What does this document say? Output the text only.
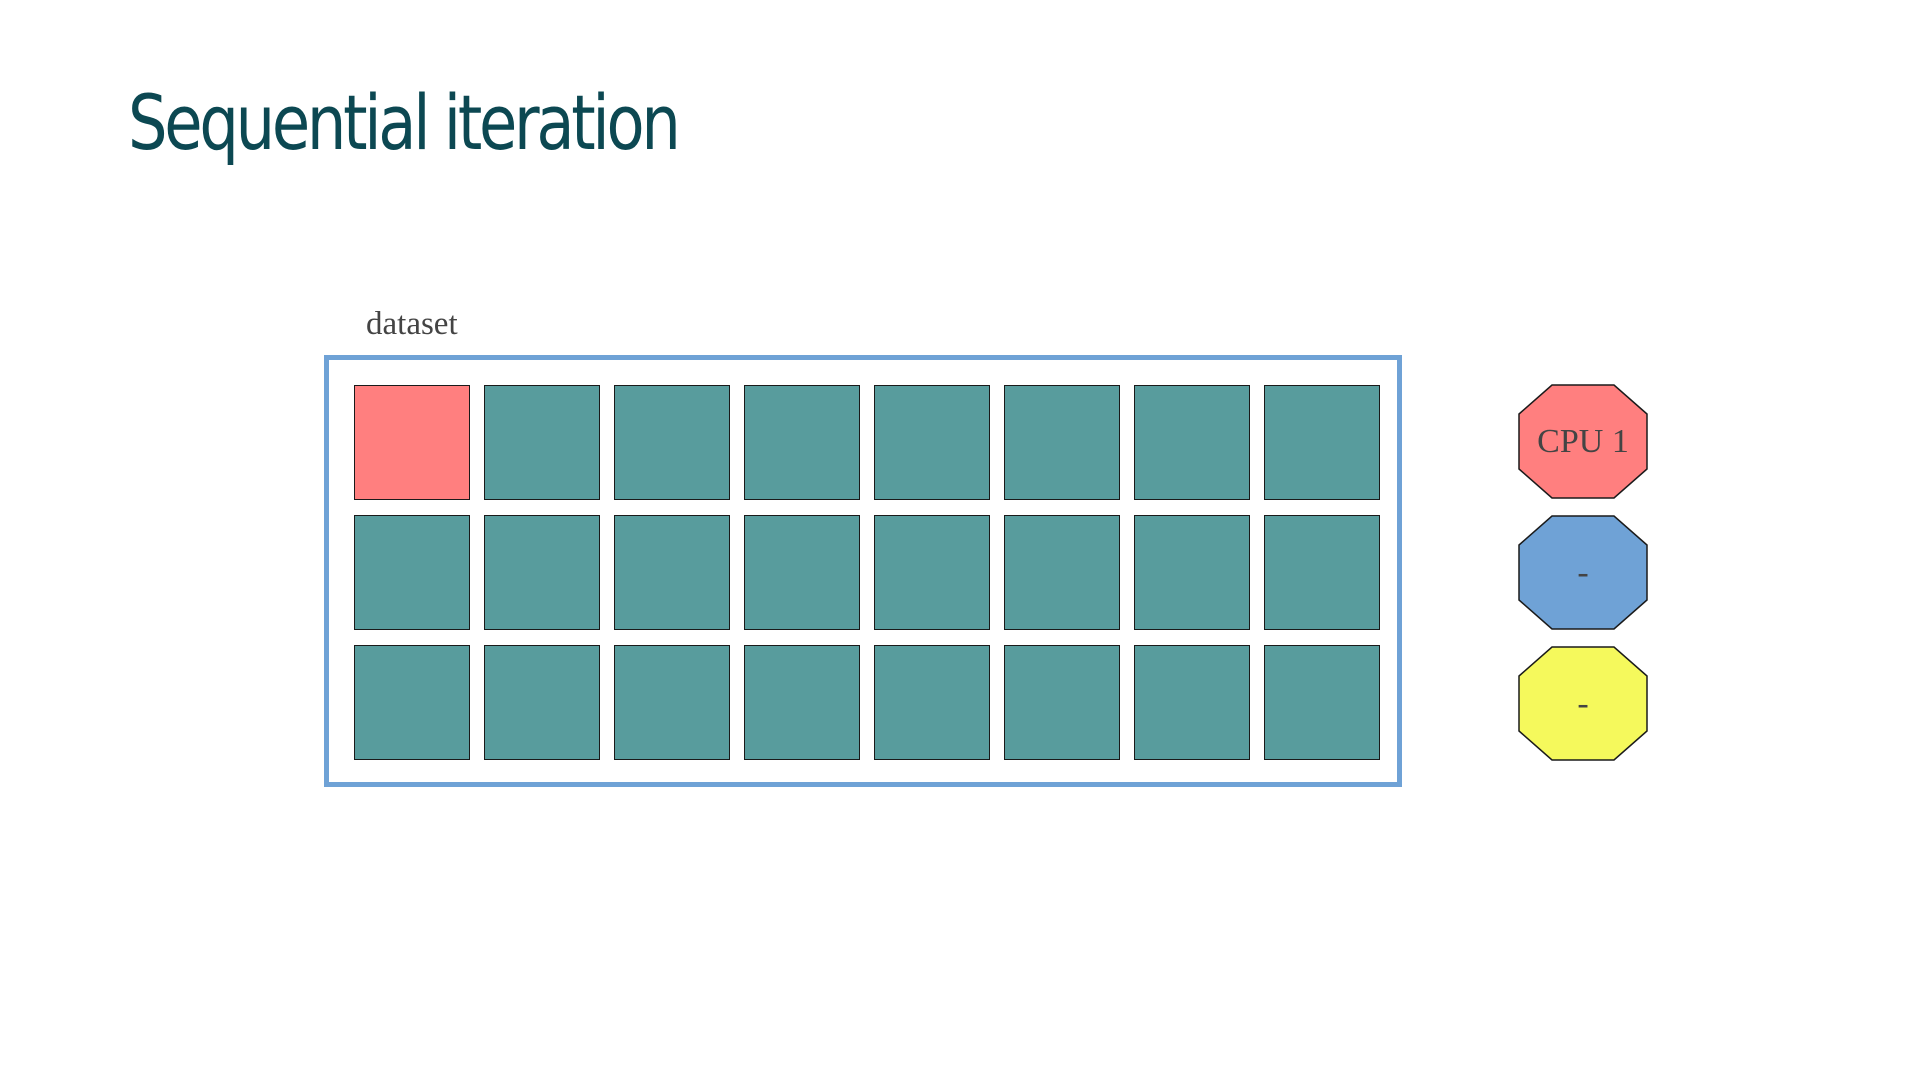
Sequential iteration
dataset
CPU 1
-
-
